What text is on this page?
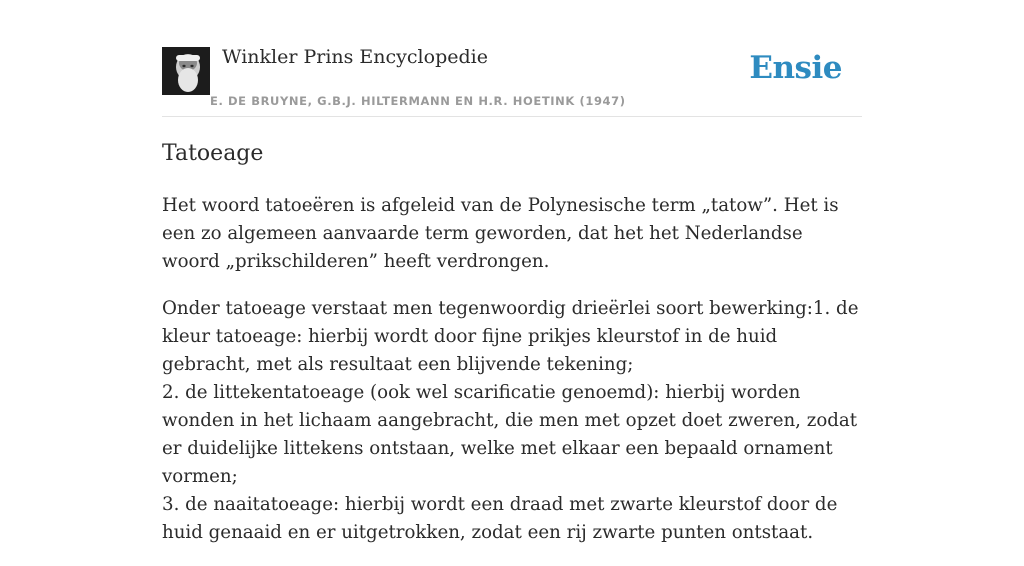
Winkler Prins Encyclopedie
E. DE BRUYNE, G.B.J. HILTERMANN EN H.R. HOETINK (1947)
Ensie
Tatoeage

Het woord tatoeëren is afgeleid van de Polynesische term „tatow”. Het is een zo algemeen aanvaarde term geworden, dat het het Nederlandse woord „prikschilderen” heeft verdrongen.

Onder tatoeage verstaat men tegenwoordig drieërlei soort bewerking:1. de kleur tatoeage: hierbij wordt door fijne prikjes kleurstof in de huid gebracht, met als resultaat een blijvende tekening;
2. de littekentatoeage (ook wel scarificatie genoemd): hierbij worden wonden in het lichaam aangebracht, die men met opzet doet zweren, zodat er duidelijke littekens ontstaan, welke met elkaar een bepaald ornament vormen;
3. de naaitatoeage: hierbij wordt een draad met zwarte kleurstof door de huid genaaid en er uitgetrokken, zodat een rij zwarte punten ontstaat.
